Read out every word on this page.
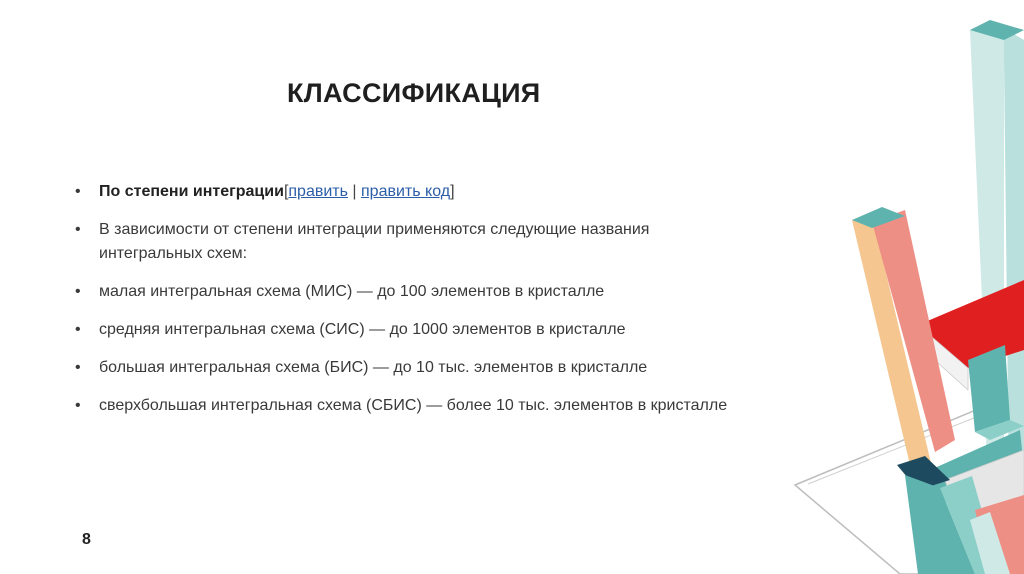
КЛАССИФИКАЦИЯ
• По степени интеграции[править | править код]
• В зависимости от степени интеграции применяются следующие названия интегральных схем:
• малая интегральная схема (МИС) — до 100 элементов в кристалле
• средняя интегральная схема (СИС) — до 1000 элементов в кристалле
• большая интегральная схема (БИС) — до 10 тыс. элементов в кристалле
• сверхбольшая интегральная схема (СБИС) — более 10 тыс. элементов в кристалле
8
